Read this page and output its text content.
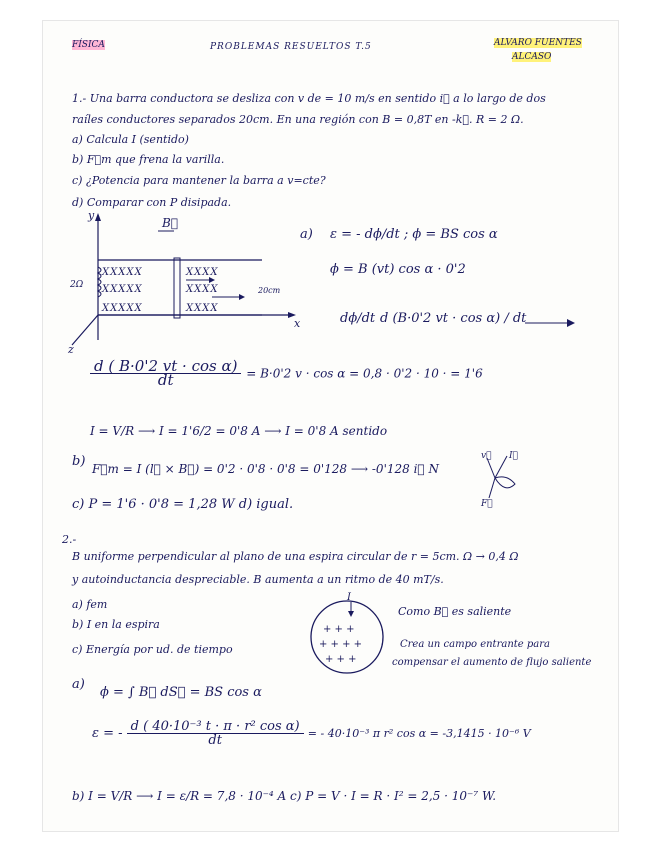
FÍSICA	PROBLEMAS RESUELTOS T.5	ALVARO FUENTES
ALCASO
1.- Una barra conductora se desliza con v de = 10 m/s en sentido i⃗ a lo largo de dos
raíles conductores separados 20cm. En una región con B = 0,8T en -k⃗. R = 2 Ω.
a) Calcula I (sentido)
b) F⃗m que frena la varilla.
c) ¿Potencia para mantener la barra a v=cte?
d) Comparar con P disipada.
B⃗
y
x
z
2Ω
XXXXX
XXXXX
XXXXX
XXXX
XXXX
XXXX
20cm
a) ε = - dϕ/dt ; ϕ = BS cos α
ϕ = B (vt) cos α · 0'2
dϕ/dt d (B·0'2 vt · cos α) / dt
$\frac{\text{d ( B·0'2 vt · cos α)}}{dt} = B\cdot 0'2$ v · cos α = 0,8 · 0'2 · 10 · = 1'6
I = V/R ⟶ I = 1'6/2 = 0'8 A ⟶ I = 0'8 A sentido
b) F⃗m = I (l⃗ × B⃗) = 0'2 · 0'8 · 0'8 = 0'128 ⟶ -0'128 i⃗ N
c) P = 1'6 · 0'8 = 1,28 W d) igual.
I⃗
v⃗
F⃗
2.-
B uniforme perpendicular al plano de una espira circular de r = 5cm. Ω → 0,4 Ω
y autoinductancia despreciable. B aumenta a un ritmo de 40 mT/s.
a) fem
b) I en la espira
c) Energía por ud. de tiempo
I
+ + +
+ + + +
+ + +
Como B⃗ es saliente
Crea un campo entrante para
compensar el aumento de flujo saliente
a)
ϕ = ∫ B⃗ dS⃗ = BS cos α
ε = - $\frac{\text{d ( 40·10⁻³ t · π · r² cos α)}}{dt}$ = - 40·10⁻³ π r² cos α = -3,1415 · 10⁻⁶ V
b) I = V/R ⟶ I = ε/R = 7,8 · 10⁻⁴ A c) P = V · I = R · I² = 2,5 · 10⁻⁷ W.
